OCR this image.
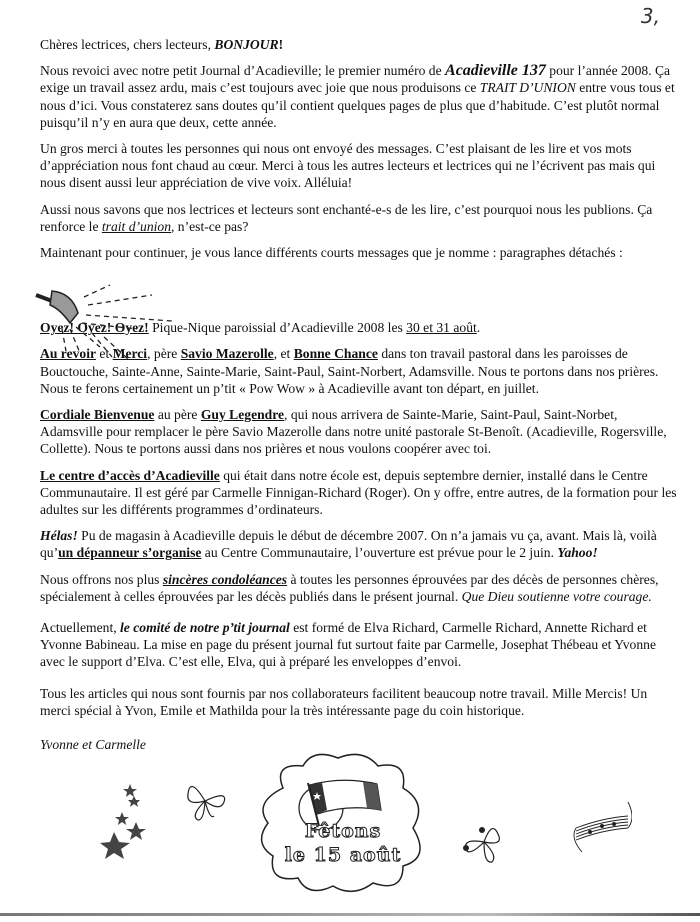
3,

Chères lectrices, chers lecteurs, BONJOUR!

Nous revoici avec notre petit Journal d’Acadieville; le premier numéro de Acadieville 137 pour l’année 2008. Ça exige un travail assez ardu, mais c’est toujours avec joie que nous produisons ce TRAIT D’UNION entre vous tous et nous d’ici. Vous constaterez sans doutes qu’il contient quelques pages de plus que d’habitude. C’est plutôt normal puisqu’il n’y en aura que deux, cette année.

Un gros merci à toutes les personnes qui nous ont envoyé des messages. C’est plaisant de les lire et vos mots d’appréciation nous font chaud au cœur. Merci à tous les autres lecteurs et lectrices qui ne l’écrivent pas mais qui nous disent aussi leur appréciation de vive voix. Alléluia!

Aussi nous savons que nos lectrices et lecteurs sont enchanté-e-s de les lire, c’est pourquoi nous les publions. Ça renforce le trait d’union, n’est-ce pas?

Maintenant pour continuer, je vous lance différents courts messages que je nomme : paragraphes détachés :

Oyez! Oyez! Oyez! Pique-Nique paroissial d’Acadieville 2008 les 30 et 31 août.

Au revoir et Merci, père Savio Mazerolle, et Bonne Chance dans ton travail pastoral dans les paroisses de Bouctouche, Sainte-Anne, Sainte-Marie, Saint-Paul, Saint-Norbert, Adamsville. Nous te portons dans nos prières. Nous te ferons certainement un p’tit « Pow Wow » à Acadieville avant ton départ, en juillet.

Cordiale Bienvenue au père Guy Legendre, qui nous arrivera de Sainte-Marie, Saint-Paul, Saint-Norbet, Adamsville pour remplacer le père Savio Mazerolle dans notre unité pastorale St-Benoît. (Acadieville, Rogersville, Collette). Nous te portons aussi dans nos prières et nous voulons coopérer avec toi.

Le centre d’accès d’Acadieville qui était dans notre école est, depuis septembre dernier, installé dans le Centre Communautaire. Il est géré par Carmelle Finnigan-Richard (Roger). On y offre, entre autres, de la formation pour les adultes sur les différents programmes d’ordinateurs.

Hélas! Pu de magasin à Acadieville depuis le début de décembre 2007. On n’a jamais vu ça, avant. Mais là, voilà qu’un dépanneur s’organise au Centre Communautaire, l’ouverture est prévue pour le 2 juin. Yahoo!

Nous offrons nos plus sincères condoléances à toutes les personnes éprouvées par des décès de personnes chères, spécialement à celles éprouvées par les décès publiés dans le présent journal. Que Dieu soutienne votre courage.

Actuellement, le comité de notre p’tit journal est formé de Elva Richard, Carmelle Richard, Annette Richard et Yvonne Babineau. La mise en page du présent journal fut surtout faite par Carmelle, Josephat Thébeau et Yvonne avec le support d’Elva. C’est elle, Elva, qui à préparé les enveloppes d’envoi.

Tous les articles qui nous sont fournis par nos collaborateurs facilitent beaucoup notre travail. Mille Mercis! Un merci spécial à Yvon, Emile et Mathilda pour la très intéressante page du coin historique.

Yvonne et Carmelle
Fêtons
le 15 août
